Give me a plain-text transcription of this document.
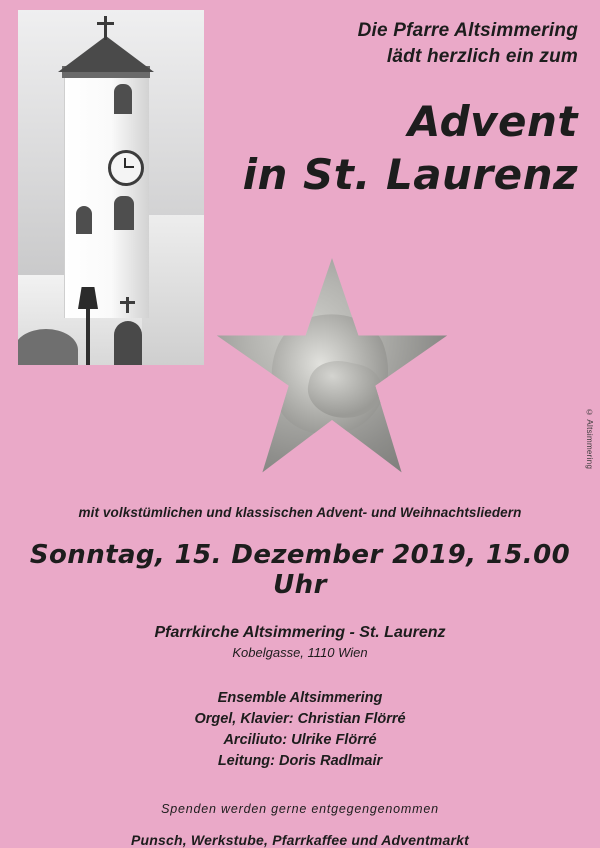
Die Pfarre Altsimmering
lädt herzlich ein zum
Advent
in St. Laurenz
© Altsimmering
mit volkstümlichen und klassischen Advent- und Weihnachtsliedern
Sonntag, 15. Dezember 2019, 15.00 Uhr
Pfarrkirche Altsimmering - St. Laurenz
Kobelgasse, 1110 Wien
Ensemble Altsimmering
Orgel, Klavier: Christian Flörré
Arciliuto: Ulrike Flörré
Leitung: Doris Radlmair
Spenden werden gerne entgegengenommen
Punsch, Werkstube, Pfarrkaffee und Adventmarkt
